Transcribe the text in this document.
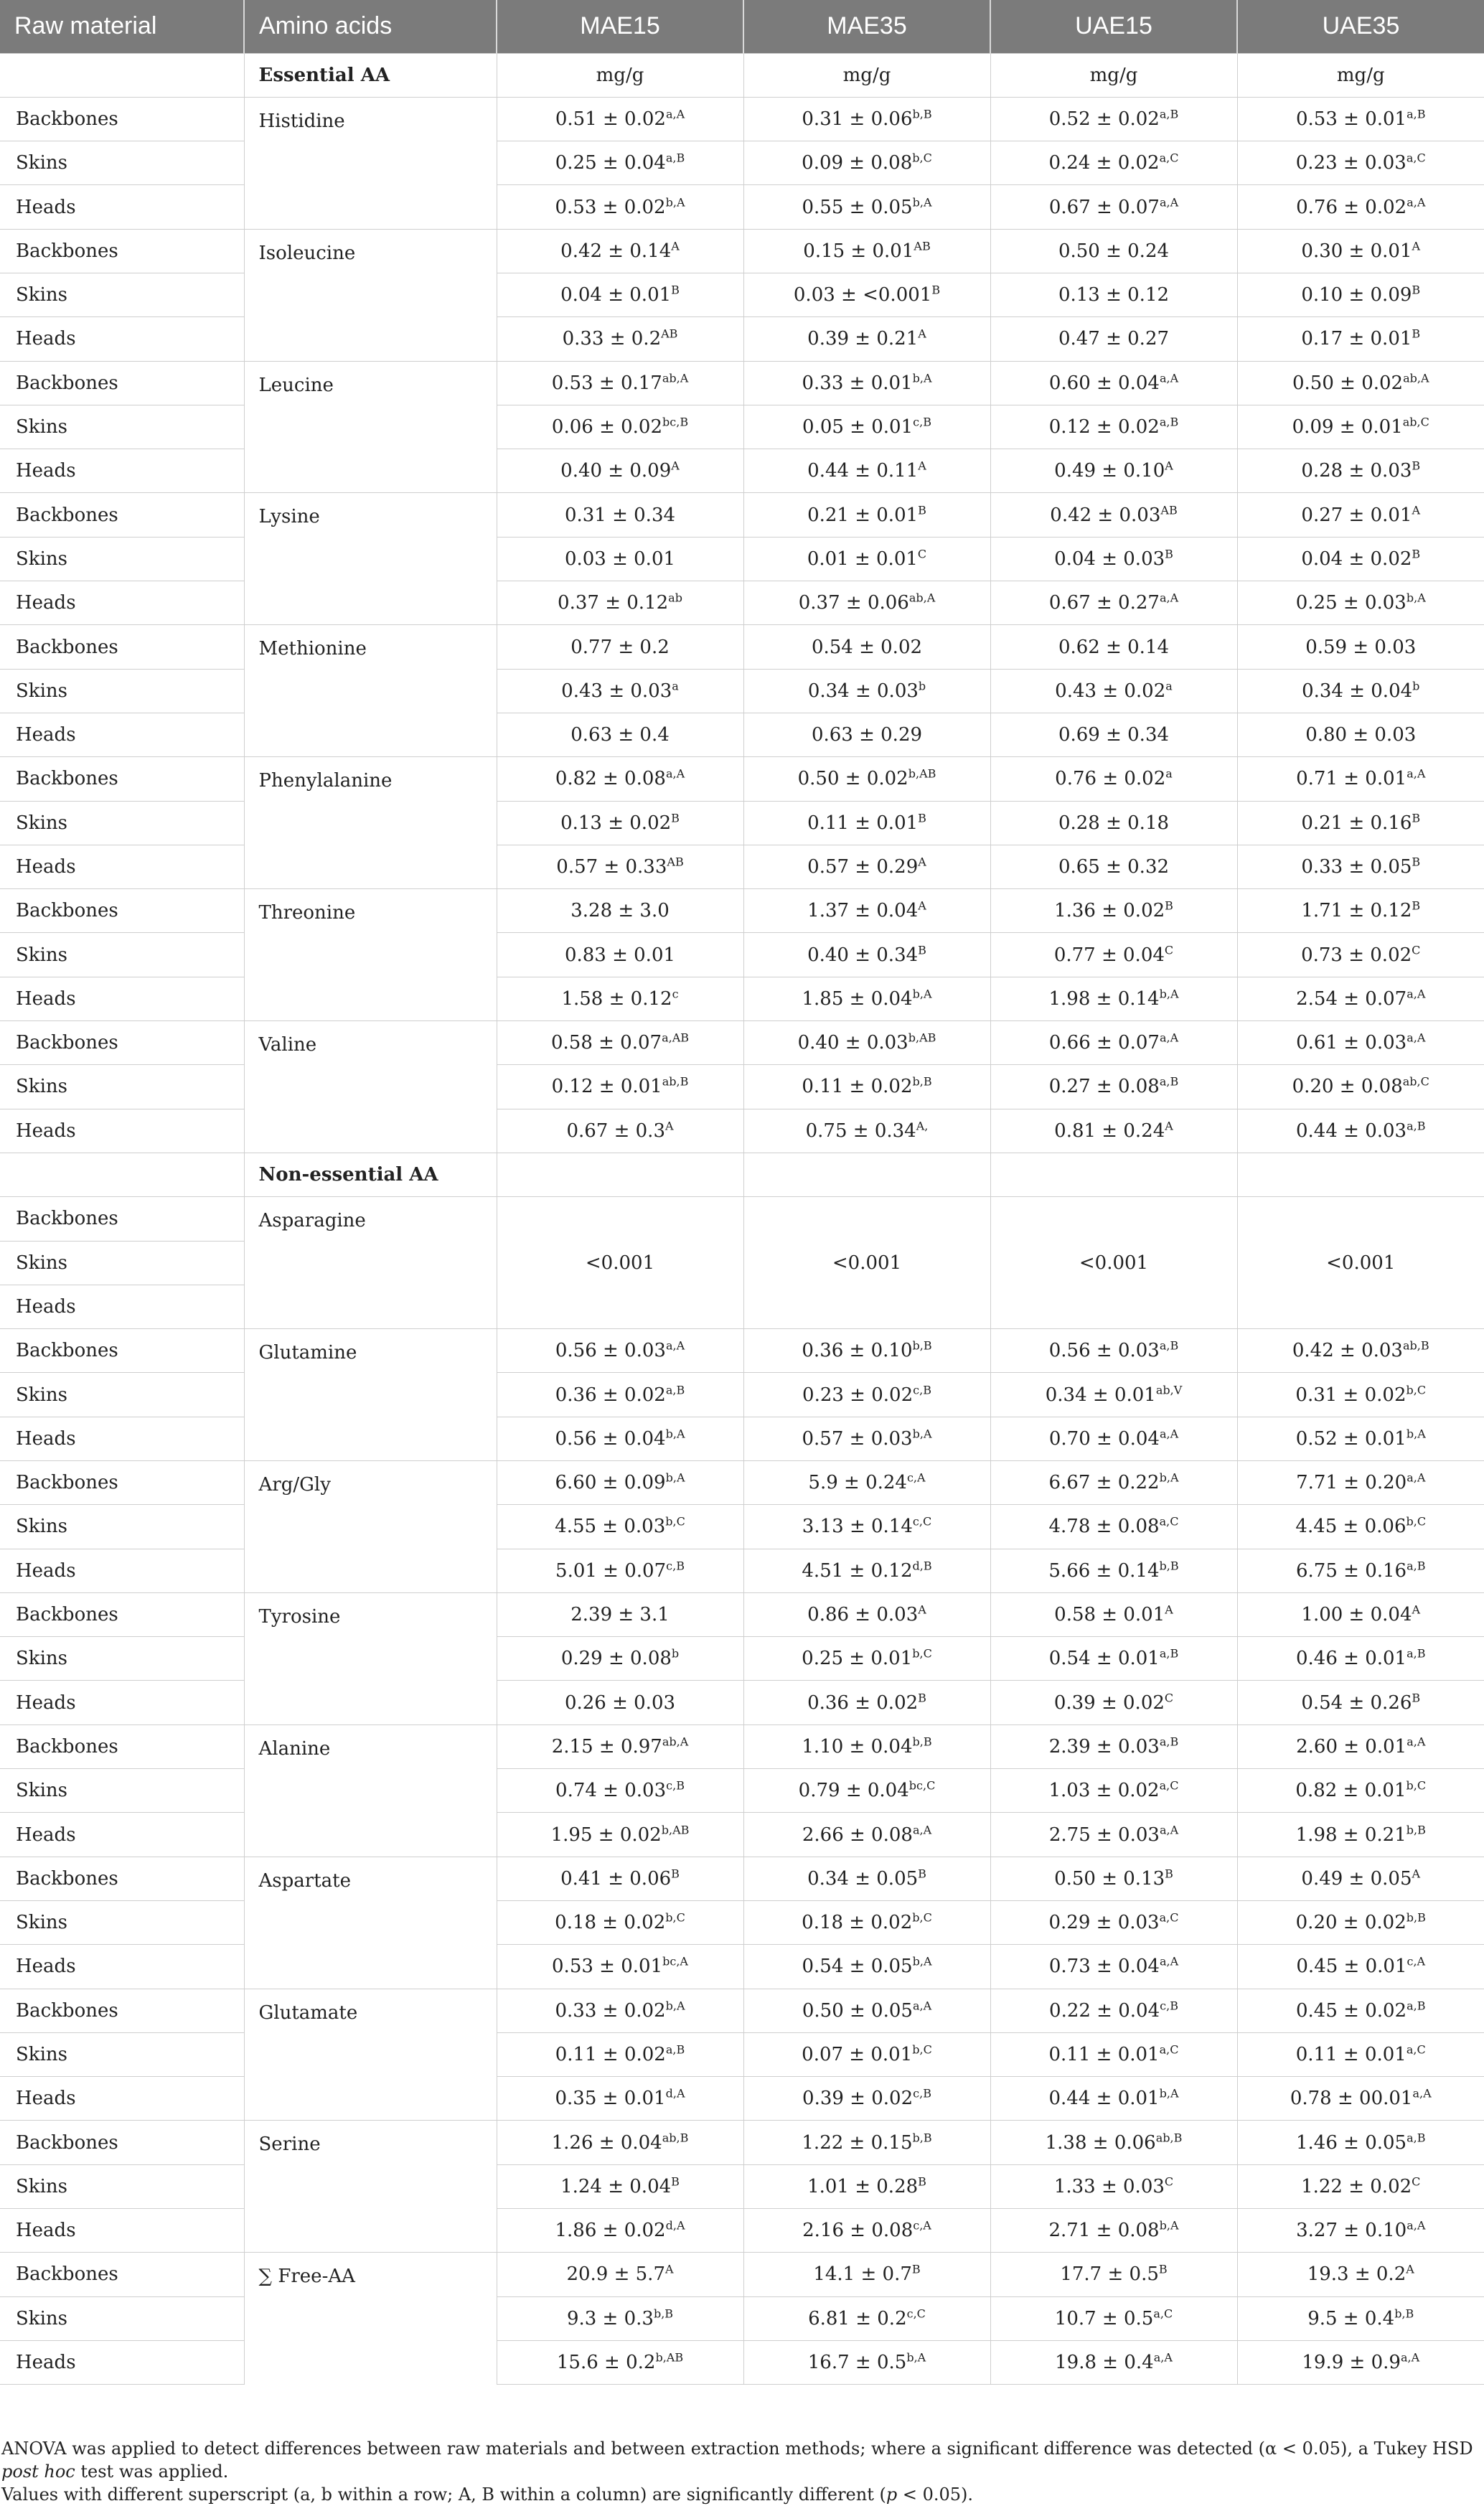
Raw material	Amino acids	MAE15	MAE35	UAE15	UAE35
	Essential AA	mg/g	mg/g	mg/g	mg/g
Backbones	Histidine	$0.51 \pm 0.02^{a,A}$	$0.31 \pm 0.06^{b,B}$	$0.52 \pm 0.02^{a,B}$	$0.53 \pm 0.01^{a,B}$
Skins		$0.25 \pm 0.04^{a,B}$	$0.09 \pm 0.08^{b,C}$	$0.24 \pm 0.02^{a,C}$	$0.23 \pm 0.03^{a,C}$
Heads		$0.53 \pm 0.02^{b,A}$	$0.55 \pm 0.05^{b,A}$	$0.67 \pm 0.07^{a,A}$	$0.76 \pm 0.02^{a,A}$
Backbones	Isoleucine	$0.42 \pm 0.14^A$	$0.15 \pm 0.01^{AB}$	0.50 ± 0.24	$0.30 \pm 0.01^A$
Skins		$0.04 \pm 0.01^B$	$0.03 \pm <0.001^B$	0.13 ± 0.12	$0.10 \pm 0.09^B$
Heads		$0.33 \pm 0.2^{AB}$	$0.39 \pm 0.21^A$	0.47 ± 0.27	$0.17 \pm 0.01^B$
Backbones	Leucine	$0.53 \pm 0.17^{ab,A}$	$0.33 \pm 0.01^{b,A}$	$0.60 \pm 0.04^{a,A}$	$0.50 \pm 0.02^{ab,A}$
Skins		$0.06 \pm 0.02^{bc,B}$	$0.05 \pm 0.01^{c,B}$	$0.12 \pm 0.02^{a,B}$	$0.09 \pm 0.01^{ab,C}$
Heads		$0.40 \pm 0.09^A$	$0.44 \pm 0.11^A$	$0.49 \pm 0.10^A$	$0.28 \pm 0.03^B$
Backbones	Lysine	0.31 ± 0.34	$0.21 \pm 0.01^B$	$0.42 \pm 0.03^{AB}$	$0.27 \pm 0.01^A$
Skins		0.03 ± 0.01	$0.01 \pm 0.01^C$	$0.04 \pm 0.03^B$	$0.04 \pm 0.02^B$
Heads		0.37 ± 0.12$^{ab}$	$0.37 \pm 0.06^{ab,A}$	$0.67 \pm 0.27^{a,A}$	$0.25 \pm 0.03^{b,A}$
Backbones	Methionine	0.77 ± 0.2	0.54 ± 0.02	0.62 ± 0.14	0.59 ± 0.03
Skins		0.43 ± 0.03$^a$	0.34 ± 0.03$^b$	0.43 ± 0.02$^a$	0.34 ± 0.04$^b$
Heads		0.63 ± 0.4	0.63 ± 0.29	0.69 ± 0.34	0.80 ± 0.03
Backbones	Phenylalanine	$0.82 \pm 0.08^{a,A}$	$0.50 \pm 0.02^{b,AB}$	0.76 ± 0.02$^a$	$0.71 \pm 0.01^{a,A}$
Skins		$0.13 \pm 0.02^B$	$0.11 \pm 0.01^B$	0.28 ± 0.18	$0.21 \pm 0.16^B$
Heads		$0.57 \pm 0.33^{AB}$	$0.57 \pm 0.29^A$	0.65 ± 0.32	$0.33 \pm 0.05^B$
Backbones	Threonine	3.28 ± 3.0	$1.37 \pm 0.04^A$	$1.36 \pm 0.02^B$	$1.71 \pm 0.12^B$
Skins		0.83 ± 0.01	$0.40 \pm 0.34^B$	$0.77 \pm 0.04^C$	$0.73 \pm 0.02^C$
Heads		1.58 ± 0.12$^c$	$1.85 \pm 0.04^{b,A}$	$1.98 \pm 0.14^{b,A}$	$2.54 \pm 0.07^{a,A}$
Backbones	Valine	$0.58 \pm 0.07^{a,AB}$	$0.40 \pm 0.03^{b,AB}$	$0.66 \pm 0.07^{a,A}$	$0.61 \pm 0.03^{a,A}$
Skins		$0.12 \pm 0.01^{ab,B}$	$0.11 \pm 0.02^{b,B}$	$0.27 \pm 0.08^{a,B}$	$0.20 \pm 0.08^{ab,C}$
Heads		$0.67 \pm 0.3^A$	$0.75 \pm 0.34^{A,}$	$0.81 \pm 0.24^A$	$0.44 \pm 0.03^{a,B}$
	Non-essential AA				
Backbones	Asparagine	<0.001	<0.001	<0.001	<0.001
Skins					
Heads					
Backbones	Glutamine	$0.56 \pm 0.03^{a,A}$	$0.36 \pm 0.10^{b,B}$	$0.56 \pm 0.03^{a,B}$	$0.42 \pm 0.03^{ab,B}$
Skins		$0.36 \pm 0.02^{a,B}$	$0.23 \pm 0.02^{c,B}$	$0.34 \pm 0.01^{ab,V}$	$0.31 \pm 0.02^{b,C}$
Heads		$0.56 \pm 0.04^{b,A}$	$0.57 \pm 0.03^{b,A}$	$0.70 \pm 0.04^{a,A}$	$0.52 \pm 0.01^{b,A}$
Backbones	Arg/Gly	$6.60 \pm 0.09^{b,A}$	$5.9 \pm 0.24^{c,A}$	$6.67 \pm 0.22^{b,A}$	$7.71 \pm 0.20^{a,A}$
Skins		$4.55 \pm 0.03^{b,C}$	$3.13 \pm 0.14^{c,C}$	$4.78 \pm 0.08^{a,C}$	$4.45 \pm 0.06^{b,C}$
Heads		$5.01 \pm 0.07^{c,B}$	$4.51 \pm 0.12^{d,B}$	$5.66 \pm 0.14^{b,B}$	$6.75 \pm 0.16^{a,B}$
Backbones	Tyrosine	2.39 ± 3.1	$0.86 \pm 0.03^A$	$0.58 \pm 0.01^A$	$1.00 \pm 0.04^A$
Skins		0.29 ± 0.08$^b$	$0.25 \pm 0.01^{b,C}$	$0.54 \pm 0.01^{a,B}$	$0.46 \pm 0.01^{a,B}$
Heads		0.26 ± 0.03	$0.36 \pm 0.02^B$	$0.39 \pm 0.02^C$	$0.54 \pm 0.26^B$
Backbones	Alanine	$2.15 \pm 0.97^{ab,A}$	$1.10 \pm 0.04^{b,B}$	$2.39 \pm 0.03^{a,B}$	$2.60 \pm 0.01^{a,A}$
Skins		$0.74 \pm 0.03^{c,B}$	$0.79 \pm 0.04^{bc,C}$	$1.03 \pm 0.02^{a,C}$	$0.82 \pm 0.01^{b,C}$
Heads		$1.95 \pm 0.02^{b,AB}$	$2.66 \pm 0.08^{a,A}$	$2.75 \pm 0.03^{a,A}$	$1.98 \pm 0.21^{b,B}$
Backbones	Aspartate	$0.41 \pm 0.06^B$	$0.34 \pm 0.05^B$	$0.50 \pm 0.13^B$	$0.49 \pm 0.05^A$
Skins		$0.18 \pm 0.02^{b,C}$	$0.18 \pm 0.02^{b,C}$	$0.29 \pm 0.03^{a,C}$	$0.20 \pm 0.02^{b,B}$
Heads		$0.53 \pm 0.01^{bc,A}$	$0.54 \pm 0.05^{b,A}$	$0.73 \pm 0.04^{a,A}$	$0.45 \pm 0.01^{c,A}$
Backbones	Glutamate	$0.33 \pm 0.02^{b,A}$	$0.50 \pm 0.05^{a,A}$	$0.22 \pm 0.04^{c,B}$	$0.45 \pm 0.02^{a,B}$
Skins		$0.11 \pm 0.02^{a,B}$	$0.07 \pm 0.01^{b,C}$	$0.11 \pm 0.01^{a,C}$	$0.11 \pm 0.01^{a,C}$
Heads		$0.35 \pm 0.01^{d,A}$	$0.39 \pm 0.02^{c,B}$	$0.44 \pm 0.01^{b,A}$	$0.78 \pm 00.01^{a,A}$
Backbones	Serine	$1.26 \pm 0.04^{ab,B}$	$1.22 \pm 0.15^{b,B}$	$1.38 \pm 0.06^{ab,B}$	$1.46 \pm 0.05^{a,B}$
Skins		$1.24 \pm 0.04^B$	$1.01 \pm 0.28^B$	$1.33 \pm 0.03^C$	$1.22 \pm 0.02^C$
Heads		$1.86 \pm 0.02^{d,A}$	$2.16 \pm 0.08^{c,A}$	$2.71 \pm 0.08^{b,A}$	$3.27 \pm 0.10^{a,A}$
Backbones	∑ Free-AA	$20.9 \pm 5.7^A$	$14.1 \pm 0.7^B$	$17.7 \pm 0.5^B$	$19.3 \pm 0.2^A$
Skins		$9.3 \pm 0.3^{b,B}$	$6.81 \pm 0.2^{c,C}$	$10.7 \pm 0.5^{a,C}$	$9.5 \pm 0.4^{b,B}$
Heads		$15.6 \pm 0.2^{b,AB}$	$16.7 \pm 0.5^{b,A}$	$19.8 \pm 0.4^{a,A}$	$19.9 \pm 0.9^{a,A}$

ANOVA was applied to detect differences between raw materials and between extraction methods; where a significant difference was detected (α < 0.05), a Tukey HSD post hoc test was applied.

Values with different superscript (a, b within a row; A, B within a column) are significantly different (p < 0.05).
